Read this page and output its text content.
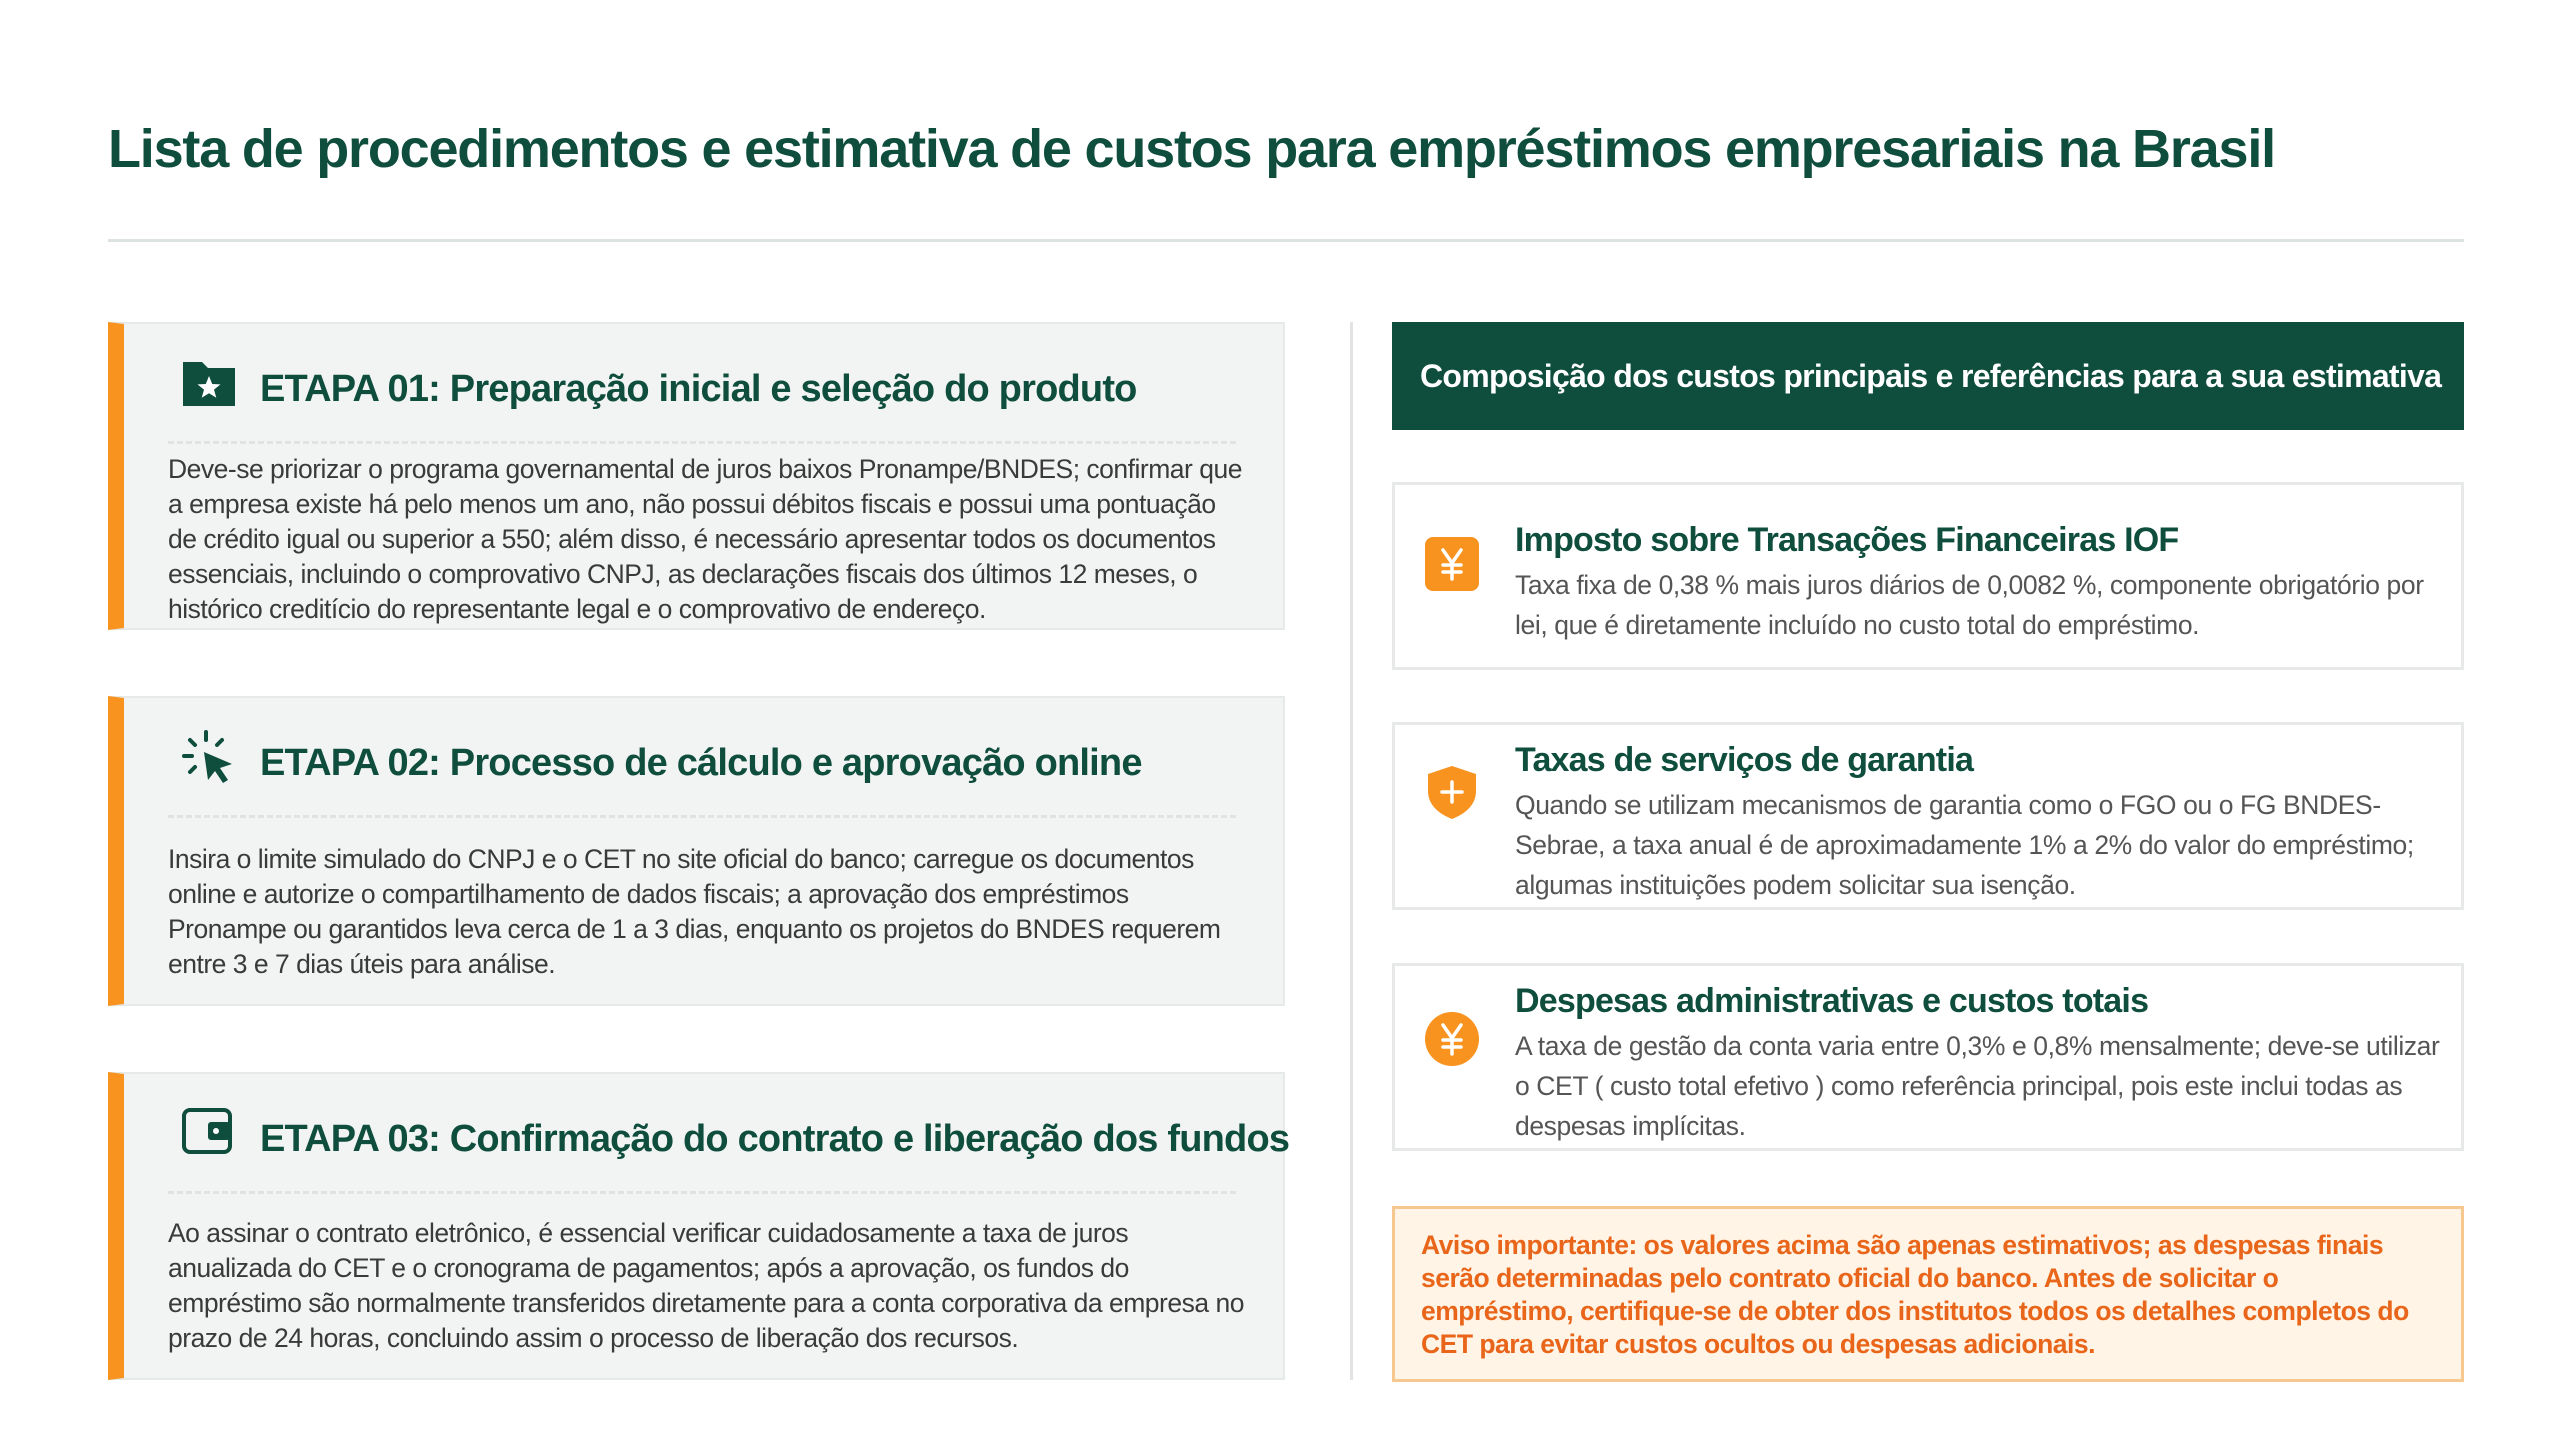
Lista de procedimentos e estimativa de custos para empréstimos empresariais na Brasil
ETAPA 01: Preparação inicial e seleção do produto

Deve-se priorizar o programa governamental de juros baixos Pronampe/BNDES; confirmar que a empresa existe há pelo menos um ano, não possui débitos fiscais e possui uma pontuação de crédito igual ou superior a 550; além disso, é necessário apresentar todos os documentos essenciais, incluindo o comprovativo CNPJ, as declarações fiscais dos últimos 12 meses, o histórico creditício do representante legal e o comprovativo de endereço.

ETAPA 02: Processo de cálculo e aprovação online

Insira o limite simulado do CNPJ e o CET no site oficial do banco; carregue os documentos online e autorize o compartilhamento de dados fiscais; a aprovação dos empréstimos Pronampe ou garantidos leva cerca de 1 a 3 dias, enquanto os projetos do BNDES requerem entre 3 e 7 dias úteis para análise.

ETAPA 03: Confirmação do contrato e liberação dos fundos

Ao assinar o contrato eletrônico, é essencial verificar cuidadosamente a taxa de juros anualizada do CET e o cronograma de pagamentos; após a aprovação, os fundos do empréstimo são normalmente transferidos diretamente para a conta corporativa da empresa no prazo de 24 horas, concluindo assim o processo de liberação dos recursos.

Composição dos custos principais e referências para a sua estimativa
Imposto sobre Transações Financeiras IOF

Taxa fixa de 0,38 % mais juros diários de 0,0082 %, componente obrigatório por lei, que é diretamente incluído no custo total do empréstimo.

Taxas de serviços de garantia

Quando se utilizam mecanismos de garantia como o FGO ou o FG BNDES-Sebrae, a taxa anual é de aproximadamente 1% a 2% do valor do empréstimo; algumas instituições podem solicitar sua isenção.

Despesas administrativas e custos totais

A taxa de gestão da conta varia entre 0,3% e 0,8% mensalmente; deve-se utilizar o CET ( custo total efetivo ) como referência principal, pois este inclui todas as despesas implícitas.

Aviso importante: os valores acima são apenas estimativos; as despesas finais serão determinadas pelo contrato oficial do banco. Antes de solicitar o empréstimo, certifique-se de obter dos institutos todos os detalhes completos do CET para evitar custos ocultos ou despesas adicionais.
